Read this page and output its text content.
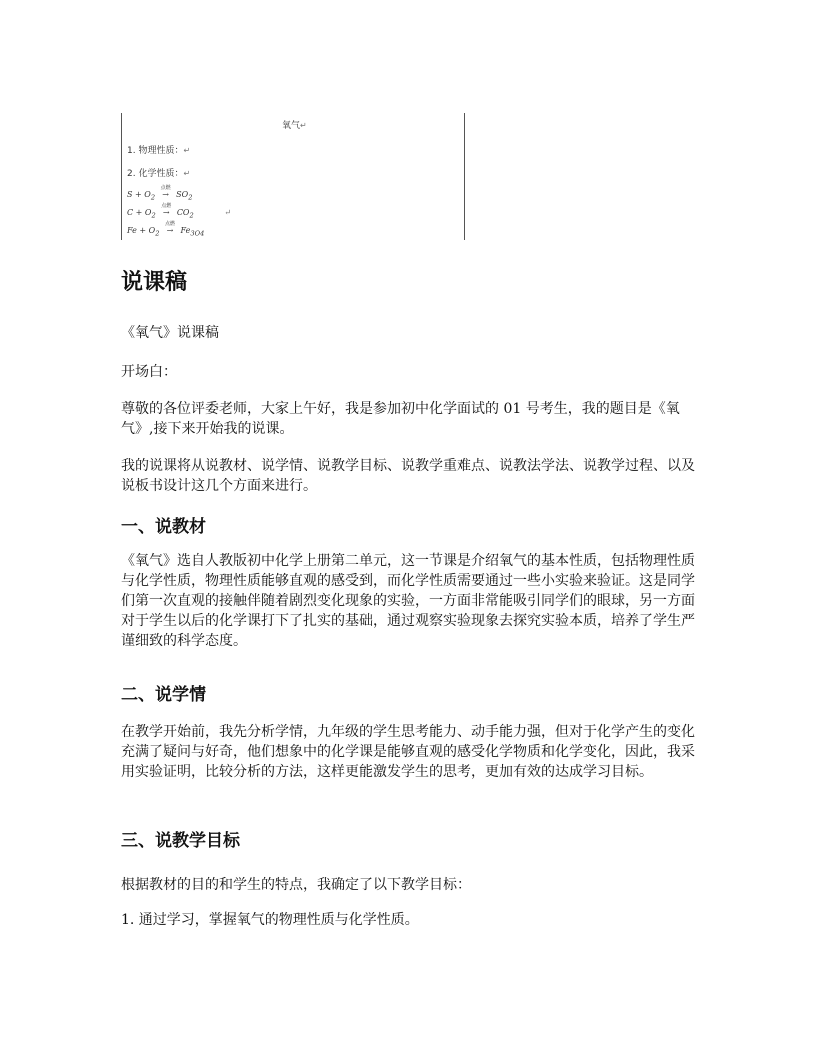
氧气↵
1. 物理性质：↵
2. 化学性质：↵
$S + O_2$
点燃
→ $SO_2$
$C + O_2$
点燃
→ $CO_2$	↵
$Fe + O_2$
点燃
→ $Fe_{3O4}$
说课稿

《氧气》说课稿

开场白：

尊敬的各位评委老师，大家上午好，我是参加初中化学面试的 01 号考生，我的题目是《氧气》,接下来开始我的说课。

我的说课将从说教材、说学情、说教学目标、说教学重难点、说教法学法、说教学过程、以及说板书设计这几个方面来进行。

一、说教材

《氧气》选自人教版初中化学上册第二单元，这一节课是介绍氧气的基本性质，包括物理性质与化学性质，物理性质能够直观的感受到，而化学性质需要通过一些小实验来验证。这是同学们第一次直观的接触伴随着剧烈变化现象的实验，一方面非常能吸引同学们的眼球，另一方面对于学生以后的化学课打下了扎实的基础，通过观察实验现象去探究实验本质，培养了学生严谨细致的科学态度。

二、说学情

在教学开始前，我先分析学情，九年级的学生思考能力、动手能力强，但对于化学产生的变化充满了疑问与好奇，他们想象中的化学课是能够直观的感受化学物质和化学变化，因此，我采用实验证明，比较分析的方法，这样更能激发学生的思考，更加有效的达成学习目标。

三、说教学目标

根据教材的目的和学生的特点，我确定了以下教学目标：

1. 通过学习，掌握氧气的物理性质与化学性质。
